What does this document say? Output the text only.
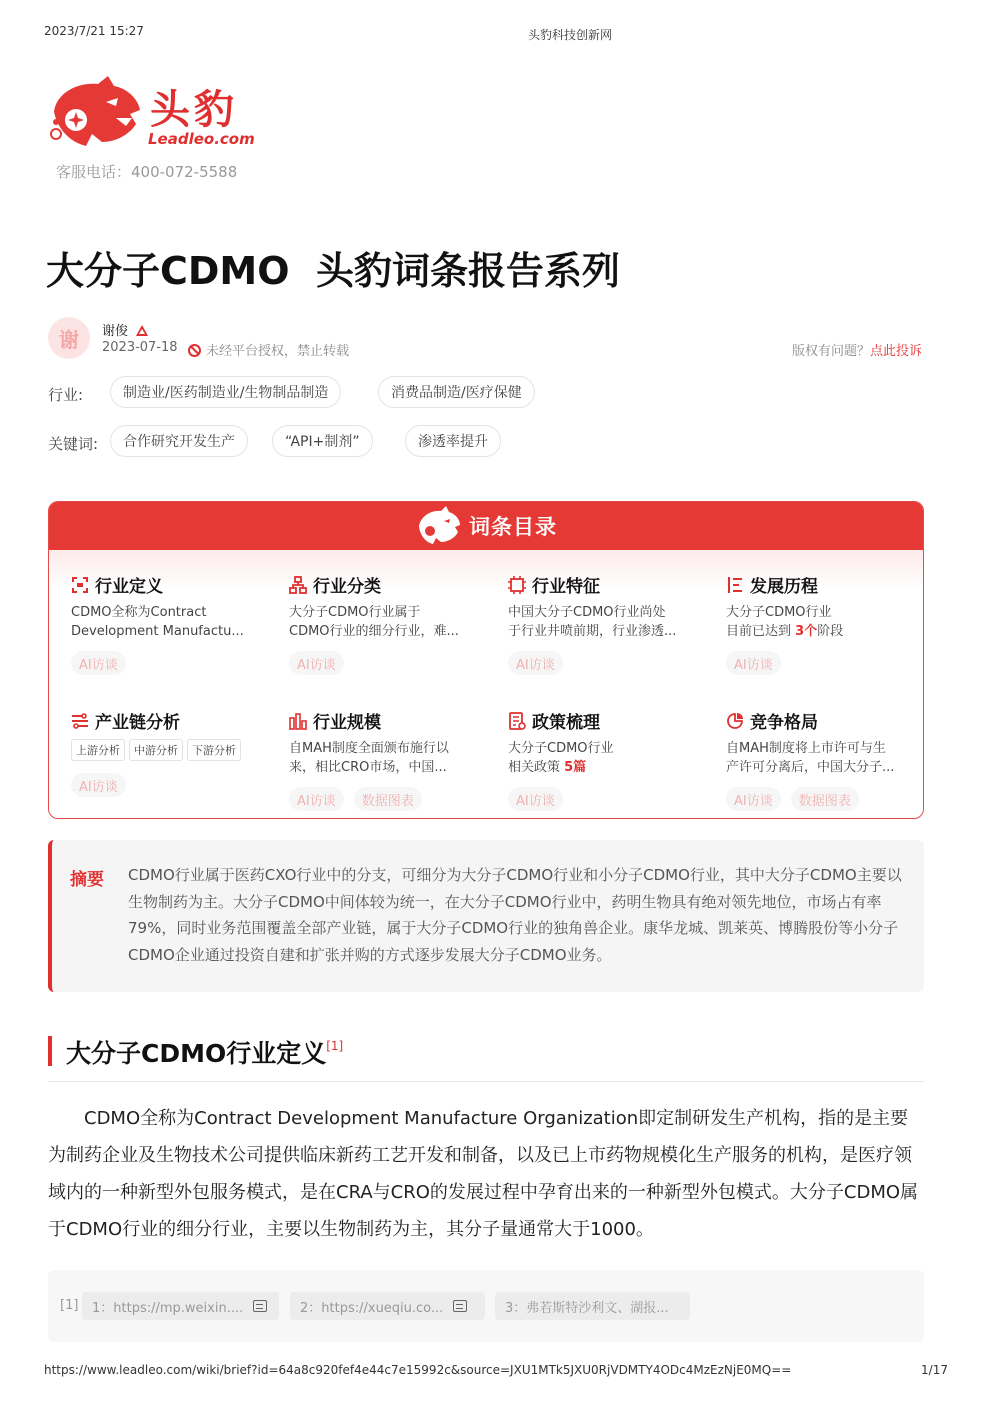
2023/7/21 15:27	头豹科技创新网
头豹
Leadleo.com
客服电话：400-072-5588
大分子CDMO 头豹词条报告系列
谢	谢俊
2023-07-18	未经平台授权，禁止转载	版权有问题？点此投诉
行业:	制造业/医药制造业/生物制品制造	消费品制造/医疗保健
关键词:	合作研究开发生产	“API+制剂”	渗透率提升
词条目录
行业定义
CDMO全称为Contract
Development Manufactu...
AI访谈
行业分类
大分子CDMO行业属于
CDMO行业的细分行业，难...
AI访谈
行业特征
中国大分子CDMO行业尚处
于行业井喷前期，行业渗透...
AI访谈
发展历程
大分子CDMO行业
目前已达到 3个阶段
AI访谈
产业链分析
上游分析	中游分析	下游分析
AI访谈
行业规模
自MAH制度全面颁布施行以
来，相比CRO市场，中国...
AI访谈	数据图表
政策梳理
大分子CDMO行业
相关政策 5篇
AI访谈
竞争格局
自MAH制度将上市许可与生
产许可分离后，中国大分子...
AI访谈	数据图表
摘要 CDMO行业属于医药CXO行业中的分支，可细分为大分子CDMO行业和小分子CDMO行业，其中大分子CDMO主要以生物制药为主。大分子CDMO中间体较为统一，在大分子CDMO行业中，药明生物具有绝对领先地位，市场占有率79%，同时业务范围覆盖全部产业链，属于大分子CDMO行业的独角兽企业。康华龙城、凯莱英、博腾股份等小分子CDMO企业通过投资自建和扩张并购的方式逐步发展大分子CDMO业务。
大分子CDMO行业定义[1]
CDMO全称为Contract Development Manufacture Organization即定制研发生产机构，指的是主要为制药企业及生物技术公司提供临床新药工艺开发和制备，以及已上市药物规模化生产服务的机构，是医疗领域内的一种新型外包服务模式，是在CRA与CRO的发展过程中孕育出来的一种新型外包模式。大分子CDMO属于CDMO行业的细分行业，主要以生物制药为主，其分子量通常大于1000。
[1] 1：https://mp.weixin....	2：https://xueqiu.co...	3：弗若斯特沙利文、湖报...
https://www.leadleo.com/wiki/brief?id=64a8c920fef4e44c7e15992c&source=JXU1MTk5JXU0RjVDMTY4ODc4MzEzNjE0MQ==	1/17
